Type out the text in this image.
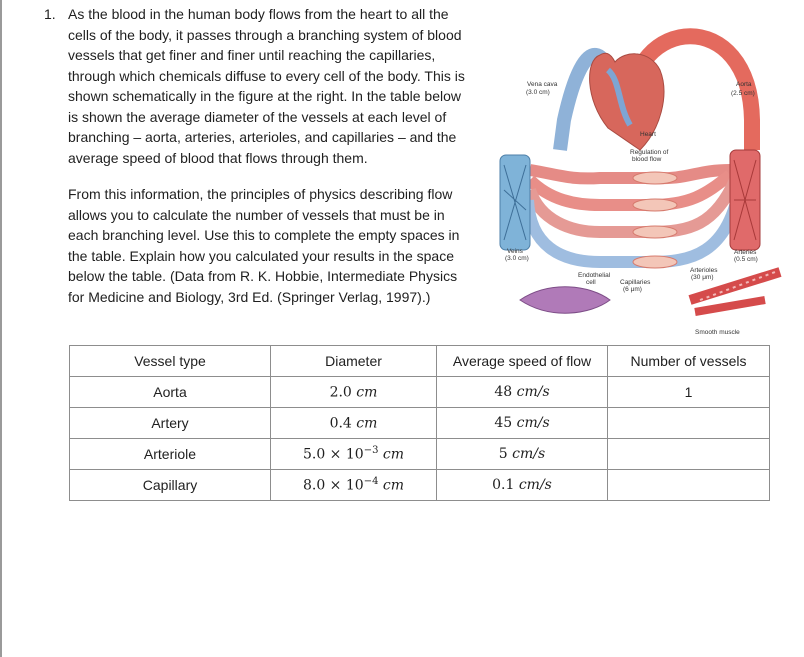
1. As the blood in the human body flows from the heart to all the
cells of the body, it passes through a branching system of blood
vessels that get finer and finer until reaching the capillaries,
through which chemicals diffuse to every cell of the body. This is
shown schematically in the figure at the right. In the table below
is shown the average diameter of the vessels at each level of
branching – aorta, arteries, arterioles, and capillaries – and the
average speed of blood that flows through them.
From this information, the principles of physics describing flow
allows you to calculate the number of vessels that must be in
each branching level. Use this to complete the empty spaces in
the table. Explain how you calculated your results in the space
below the table. (Data from R. K. Hobbie, Intermediate Physics
for Medicine and Biology, 3rd Ed. (Springer Verlag, 1997).)
Vena cava
(3.0 cm)
Aorta
(2.5 cm)
Heart
Regulation of
blood flow
Veins
(3.0 cm)
Arteries
(0.5 cm)
Endothelial
cell	Capillaries
(6 μm)
Arterioles
(30 μm)
Smooth muscle
Vessel type	Diameter	Average speed of flow	Number of vessels
Aorta	2.0 cm	48 cm/s	1
Artery	0.4 cm	45 cm/s	
Arteriole	$5.0 \times 10^{-3}$ cm	5 cm/s	
Capillary	$8.0 \times 10^{-4}$ cm	0.1 cm/s	
